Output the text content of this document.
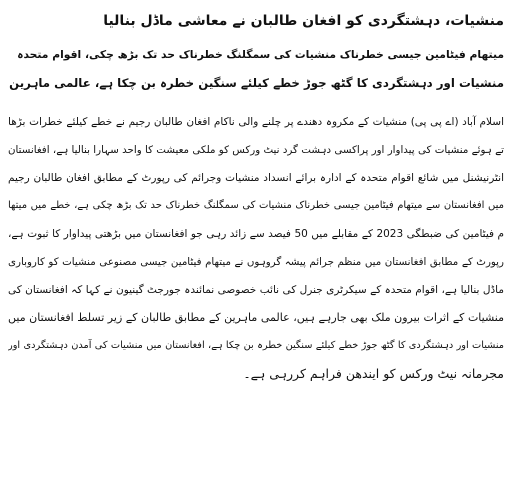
منشیات، دہشتگردی کو افغان طالبان نے معاشی ماڈل بنالیا
میتھام فیٹامین جیسی خطرناک منشیات کی سمگلنگ خطرناک حد تک بڑھ چکی، اقوام متحدہ
منشیات اور دہشتگردی کا گٹھ جوڑ خطے کیلئے سنگین خطرہ بن چکا ہے، عالمی ماہرین
اسلام آباد (اے پی پی) منشیات کے مکروہ دھندے پر چلنے والی ناکام افغان طالبان رجیم نے خطے کیلئے خطرات بڑھا
تے ہوئے منشیات کی پیداوار اور پراکسی دہشت گرد نیٹ ورکس کو ملکی معیشت کا واحد سہارا بنالیا ہے، افغانستان
انٹرنیشنل میں شائع اقوام متحدہ کے ادارہ برائے انسداد منشیات وجرائم کی رپورٹ کے مطابق افغان طالبان رجیم
میں افغانستان سے میتھام فیٹامین جیسی خطرناک منشیات کی سمگلنگ خطرناک حد تک بڑھ چکی ہے، خطے میں میتھا
م فیٹامین کی ضبطگی 2023 کے مقابلے میں 50 فیصد سے زائد رہی جو افغانستان میں بڑھتی پیداوار کا ثبوت ہے،
رپورٹ کے مطابق افغانستان میں منظم جرائم پیشہ گروہوں نے میتھام فیٹامین جیسی مصنوعی منشیات کو کاروباری
ماڈل بنالیا ہے، اقوام متحدہ کے سیکرٹری جنرل کی نائب خصوصی نمائندہ جورجٹ گینیون نے کہا کہ افغانستان کی
منشیات کے اثرات بیرون ملک بھی جارہے ہیں، عالمی ماہرین کے مطابق طالبان کے زیر تسلط افغانستان میں
منشیات اور دہشتگردی کا گٹھ جوڑ خطے کیلئے سنگین خطرہ بن چکا ہے، افغانستان میں منشیات کی آمدن دہشتگردی اور
مجرمانہ نیٹ ورکس کو ایندھن فراہم کررہی ہے۔
